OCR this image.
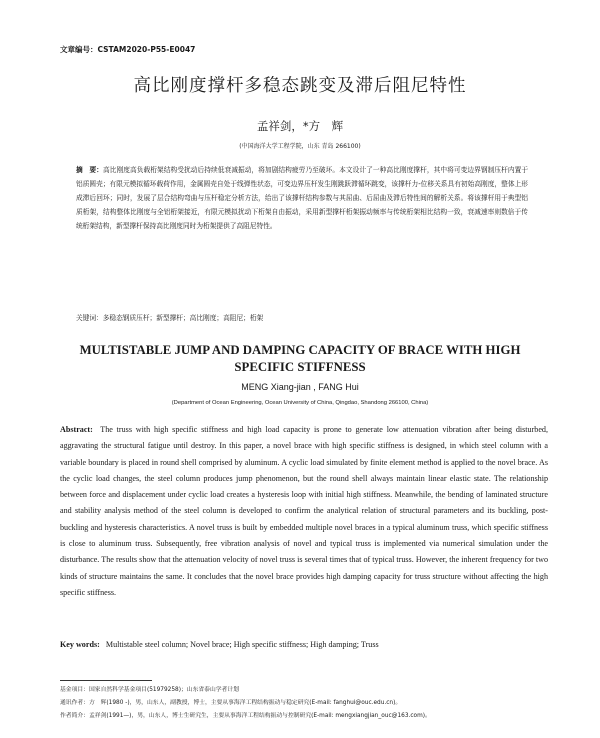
文章编号：CSTAM2020-P55-E0047
高比刚度撑杆多稳态跳变及滞后阻尼特性
孟祥剑，*方　辉
(中国海洋大学工程学院，山东 青岛 266100)
摘　要：高比刚度高负载桁架结构受扰动后持续低衰减振动，将加剧结构疲劳乃至破坏。本文设计了一种高比刚度撑杆，其中将可变边界钢制压杆内置于铝质圆壳；有限元模拟循环载荷作用，金属圆壳自处于线弹性状态，可变边界压杆发生刚跳跃滞循环跳变，该撑杆力-位移关系具有初始高刚度，整体上形成滞后回环；同时，发展了层合结构弯曲与压杆稳定分析方法，给出了该撑杆结构参数与其屈曲、后屈曲及滞后特性间的解析关系。将该撑杆用于典型铝质桁架，结构整体比刚度与全铝桁架接近，有限元模拟扰动下桁架自由振动，采用新型撑杆桁架振动频率与传统桁架相比结构一致，衰减速率则数倍于传统桁架结构，新型撑杆保持高比刚度同时为桁架提供了高阻尼特性。
关键词：多稳态钢质压杆；新型撑杆；高比刚度；高阻尼；桁架
MULTISTABLE JUMP AND DAMPING CAPACITY OF BRACE WITH HIGH SPECIFIC STIFFNESS
MENG Xiang-jian , FANG Hui
(Department of Ocean Engineering, Ocean University of China, Qingdao, Shandong 266100, China)
Abstract: The truss with high specific stiffness and high load capacity is prone to generate low attenuation vibration after being disturbed, aggravating the structural fatigue until destroy. In this paper, a novel brace with high specific stiffness is designed, in which steel column with a variable boundary is placed in round shell comprised by aluminum. A cyclic load simulated by finite element method is applied to the novel brace. As the cyclic load changes, the steel column produces jump phenomenon, but the round shell always maintain linear elastic state. The relationship between force and displacement under cyclic load creates a hysteresis loop with initial high stiffness. Meanwhile, the bending of laminated structure and stability analysis method of the steel column is developed to confirm the analytical relation of structural parameters and its buckling, post-buckling and hysteresis characteristics. A novel truss is built by embedded multiple novel braces in a typical aluminum truss, which specific stiffness is close to aluminum truss. Subsequently, free vibration analysis of novel and typical truss is implemented via numerical simulation under the disturbance. The results show that the attenuation velocity of novel truss is several times that of typical truss. However, the inherent frequency for two kinds of structure maintains the same. It concludes that the novel brace provides high damping capacity for truss structure without affecting the high specific stiffness.
Key words: Multistable steel column; Novel brace; High specific stiffness; High damping; Truss
基金项目：国家自然科学基金项目(51979258)；山东省泰山学者计划
通讯作者：方　辉(1980 -)，男，山东人，副教授，博士，主要从事海洋工程结构振动与稳定研究(E-mail: fanghui@ouc.edu.cn)。
作者简介：孟祥剑(1991—)，男，山东人，博士生研究生，主要从事海洋工程结构振动与控制研究(E-mail: mengxiangjian_ouc@163.com)。
